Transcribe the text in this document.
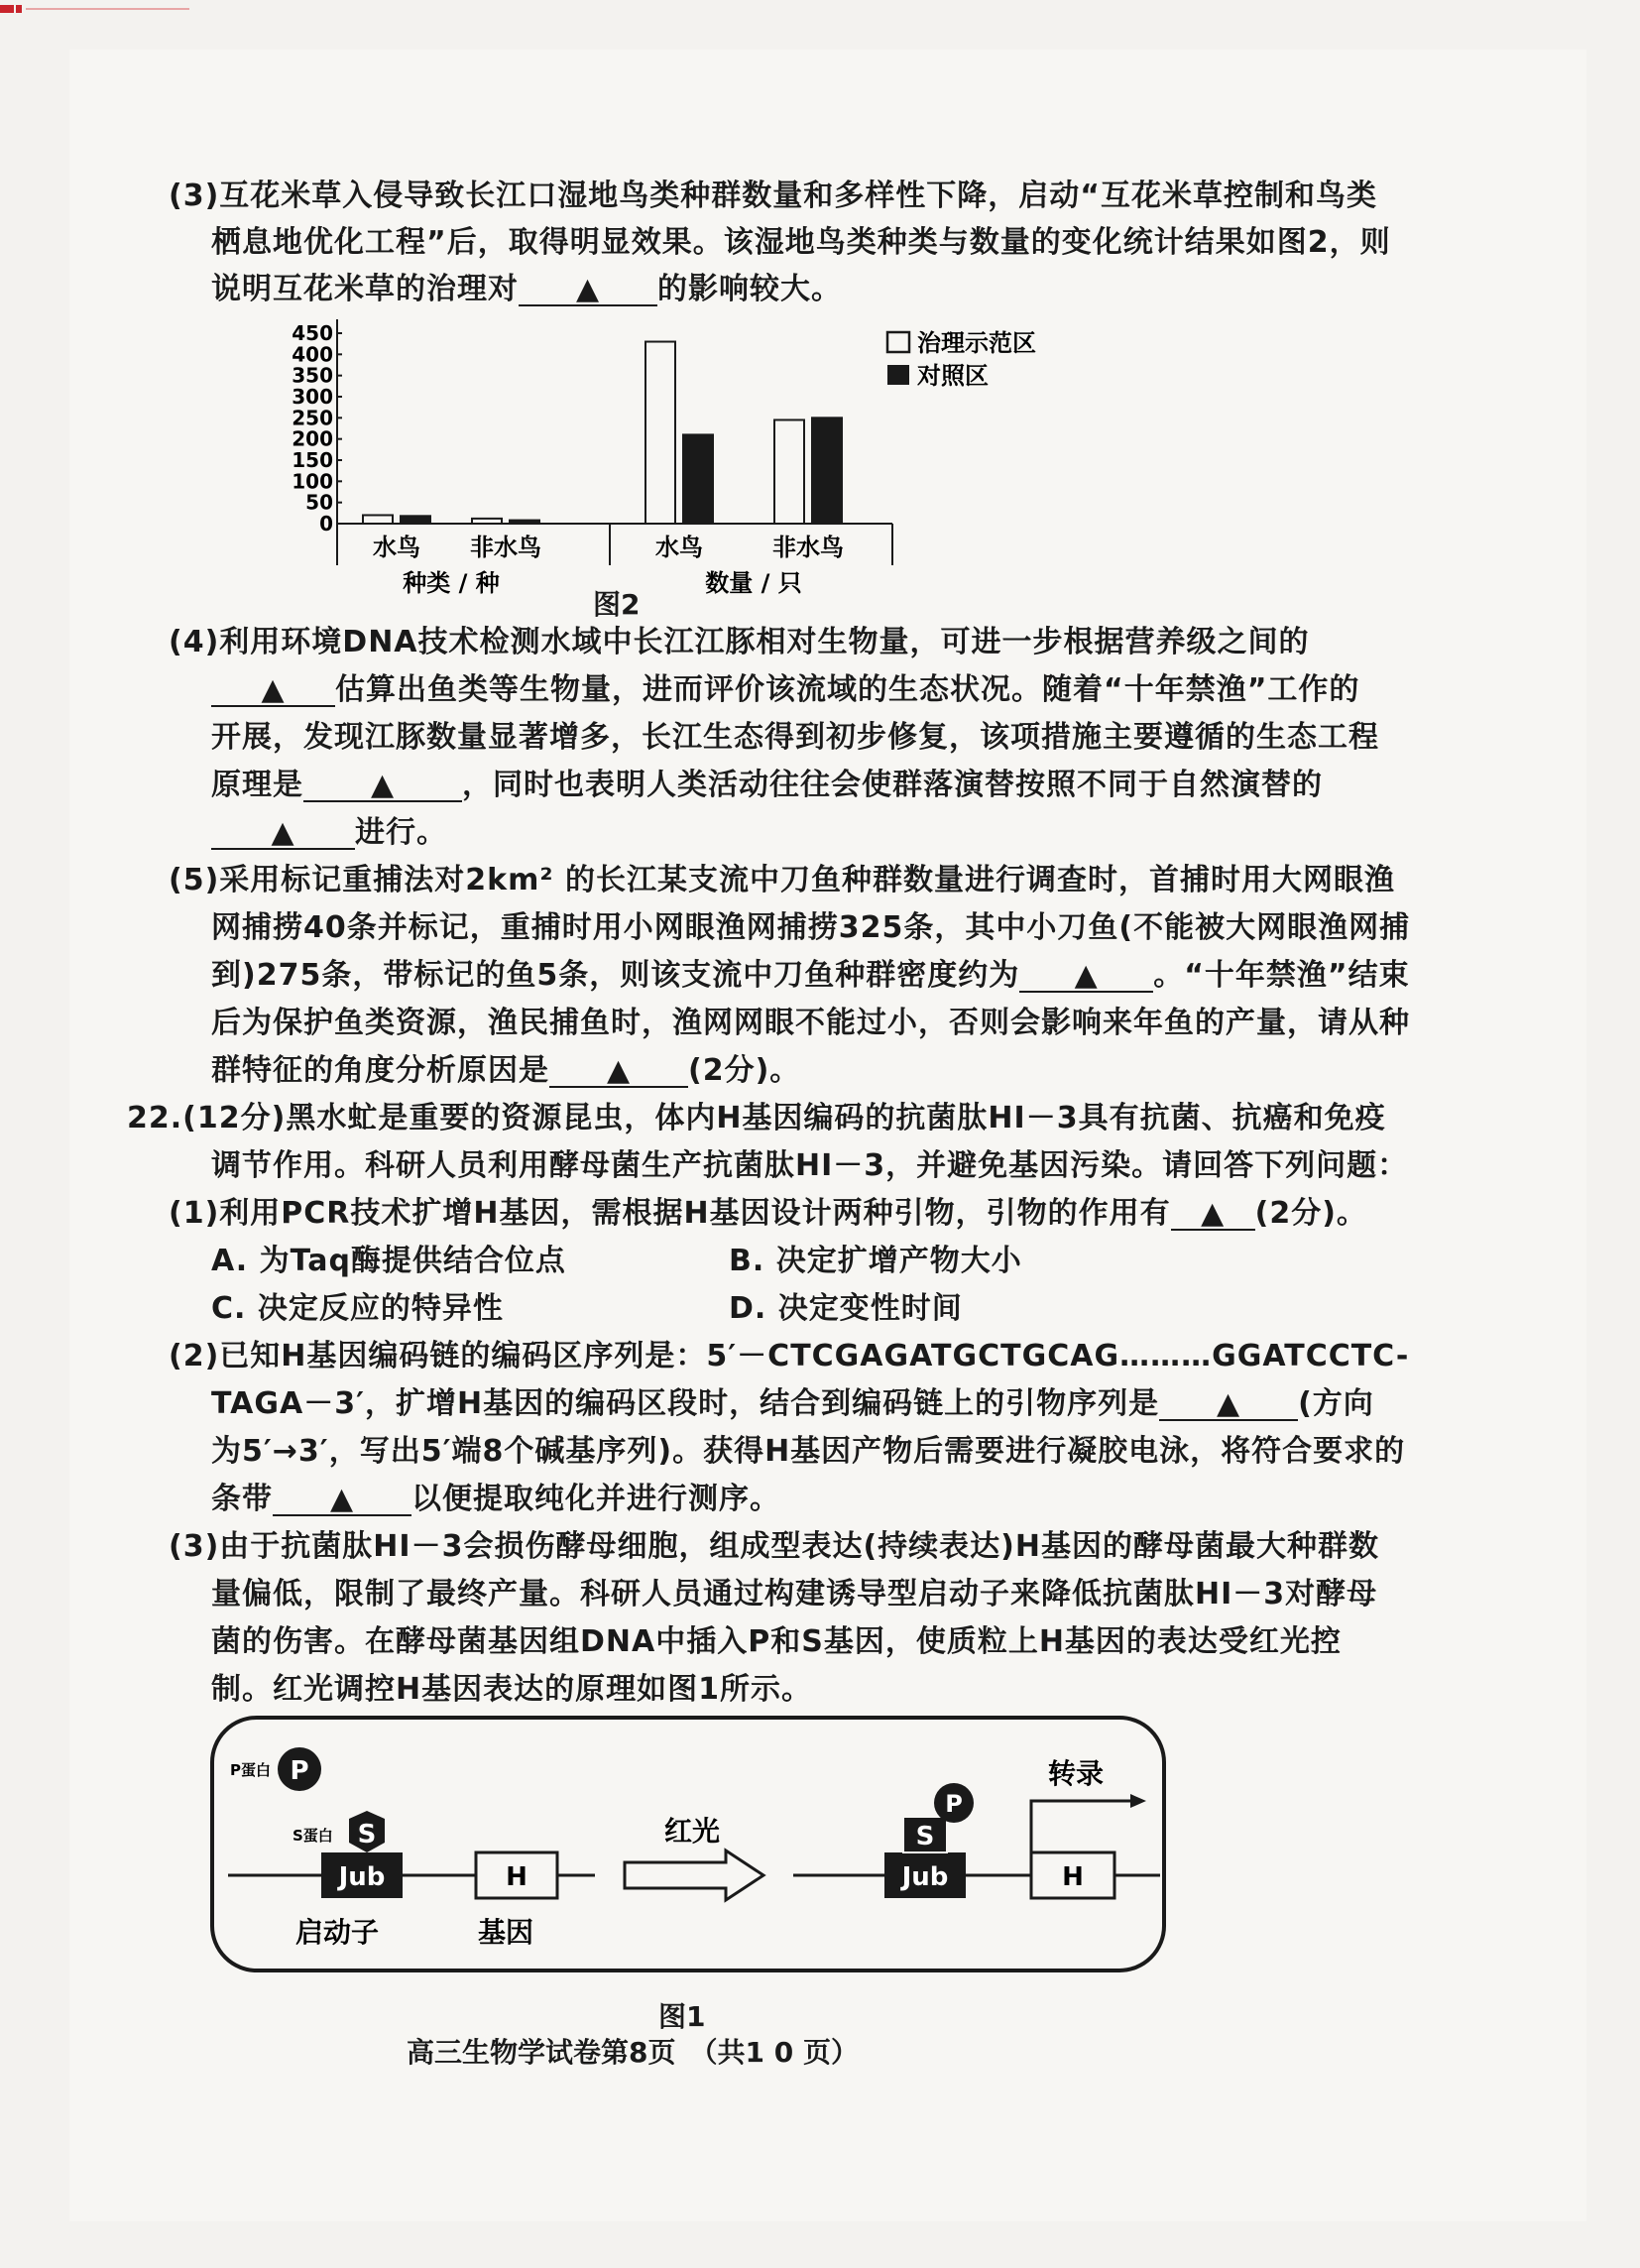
(3)互花米草入侵导致长江口湿地鸟类种群数量和多样性下降，启动“互花米草控制和鸟类
栖息地优化工程”后，取得明显效果。该湿地鸟类种类与数量的变化统计结果如图2，则
说明互花米草的治理对 ▲ 的影响较大。
0
50
100
150
200
250
300
350
400
450
水鸟 非水鸟	水鸟	非水鸟
种类 / 种	数量 / 只
治理示范区
对照区
图2
(4)利用环境DNA技术检测水域中长江江豚相对生物量，可进一步根据营养级之间的
▲ 估算出鱼类等生物量，进而评价该流域的生态状况。随着“十年禁渔”工作的
开展，发现江豚数量显著增多，长江生态得到初步修复，该项措施主要遵循的生态工程
原理是 ▲ ，同时也表明人类活动往往会使群落演替按照不同于自然演替的
▲ 进行。
(5)采用标记重捕法对2km² 的长江某支流中刀鱼种群数量进行调查时，首捕时用大网眼渔
网捕捞40条并标记，重捕时用小网眼渔网捕捞325条，其中小刀鱼(不能被大网眼渔网捕
到)275条，带标记的鱼5条，则该支流中刀鱼种群密度约为 ▲ 。“十年禁渔”结束
后为保护鱼类资源，渔民捕鱼时，渔网网眼不能过小，否则会影响来年鱼的产量，请从种
群特征的角度分析原因是 ▲ (2分)。
22.(12分)黑水虻是重要的资源昆虫，体内H基因编码的抗菌肽HI－3具有抗菌、抗癌和免疫
调节作用。科研人员利用酵母菌生产抗菌肽HI－3，并避免基因污染。请回答下列问题：
(1)利用PCR技术扩增H基因，需根据H基因设计两种引物，引物的作用有 ▲ (2分)。
A. 为Taq酶提供结合位点	B. 决定扩增产物大小
C. 决定反应的特异性	D. 决定变性时间
(2)已知H基因编码链的编码区序列是：5′－CTCGAGATGCTGCAG………GGATCCTC-
TAGA－3′，扩增H基因的编码区段时，结合到编码链上的引物序列是 ▲ (方向
为5′→3′，写出5′端8个碱基序列)。获得H基因产物后需要进行凝胶电泳，将符合要求的
条带 ▲ 以便提取纯化并进行测序。
(3)由于抗菌肽HI－3会损伤酵母细胞，组成型表达(持续表达)H基因的酵母菌最大种群数
量偏低，限制了最终产量。科研人员通过构建诱导型启动子来降低抗菌肽HI－3对酵母
菌的伤害。在酵母菌基因组DNA中插入P和S基因，使质粒上H基因的表达受红光控
制。红光调控H基因表达的原理如图1所示。
P蛋白 P
S蛋白 S
Jub	H
启动子	基因
红光
Jub
S
P
H
转录
图1
高三生物学试卷第8页　（共1 0 页）
